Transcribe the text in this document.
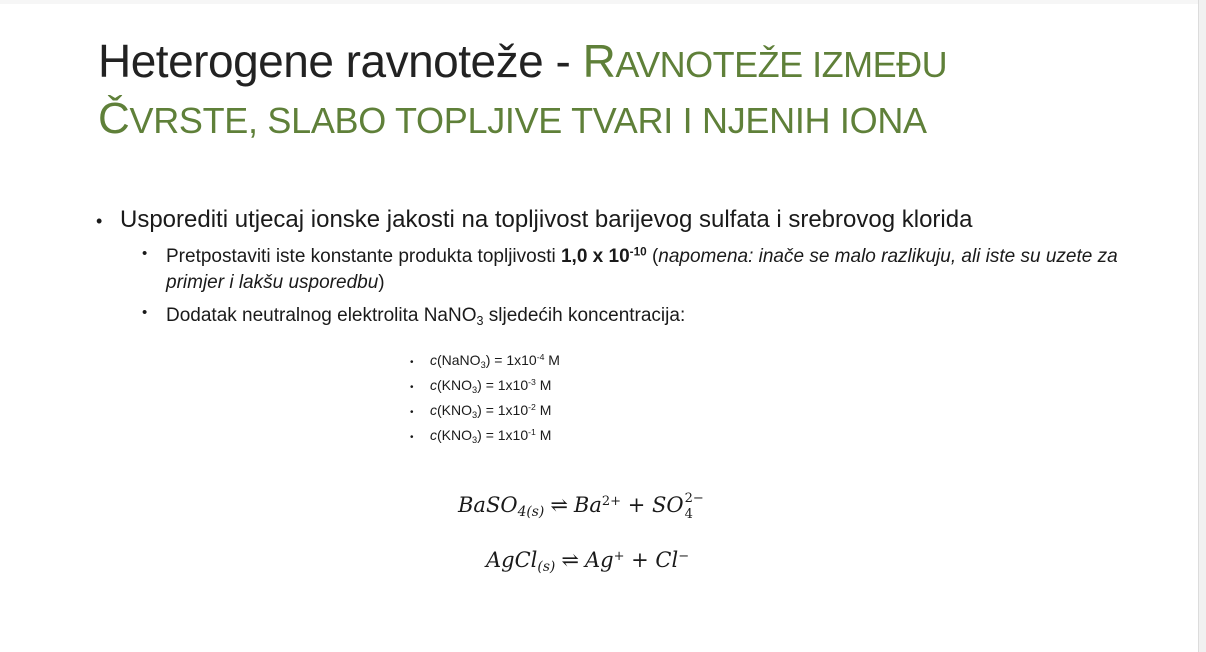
Heterogene ravnoteže - RAVNOTEŽE IZMEĐU
ČVRSTE, SLABO TOPLJIVE TVARI I NJENIH IONA
• Usporediti utjecaj ionske jakosti na topljivost barijevog sulfata i srebrovog klorida
• Pretpostaviti iste konstante produkta topljivosti 1,0 x $10^{-10}$ (napomena: inače se malo razlikuju, ali iste su uzete za primjer i lakšu usporedbu)
• Dodatak neutralnog elektrolita NaNO$_3$ sljedećih koncentracija:
• c(NaNO$_3$) = $1x10^{-4}$ M
• $c(KNO_3) = 1x10^{-3}$ M
• $c(KNO_3) = 1x10^{-2}$ M
• $c(KNO_3) = 1x10^{-1}$ M
BaSO$_{4(s)}$ ⇌ $Ba^{2+}$ + SO 2−
4
AgCl$_{(s)}$ ⇌ Ag+ + Cl−
